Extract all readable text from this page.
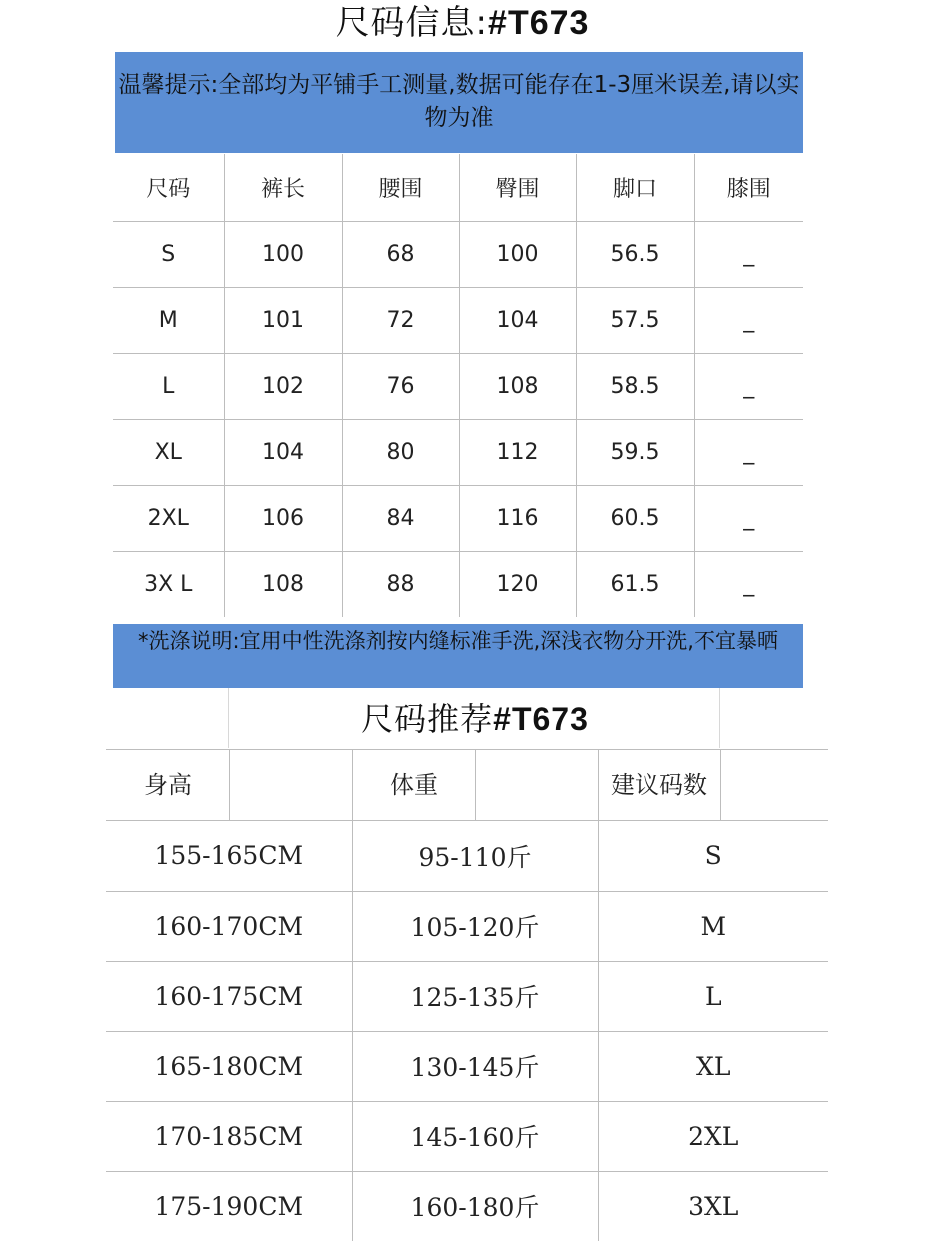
尺码信息:#T673
温馨提示:全部均为平铺手工测量,数据可能存在1-3厘米误差,请以实物为准
尺码	裤长	腰围	臀围	脚口	膝围
S	100	68	100	56.5	_
M	101	72	104	57.5	_
L	102	76	108	58.5	_
XL	104	80	112	59.5	_
2XL	106	84	116	60.5	_
3X L	108	88	120	61.5	_
*洗涤说明:宜用中性洗涤剂按内缝标准手洗,深浅衣物分开洗,不宜暴晒
尺码推荐#T673
身高	体重	建议码数
155-165CM	95-110斤	S
160-170CM	105-120斤	M
160-175CM	125-135斤	L
165-180CM	130-145斤	XL
170-185CM	145-160斤	2XL
175-190CM	160-180斤	3XL
